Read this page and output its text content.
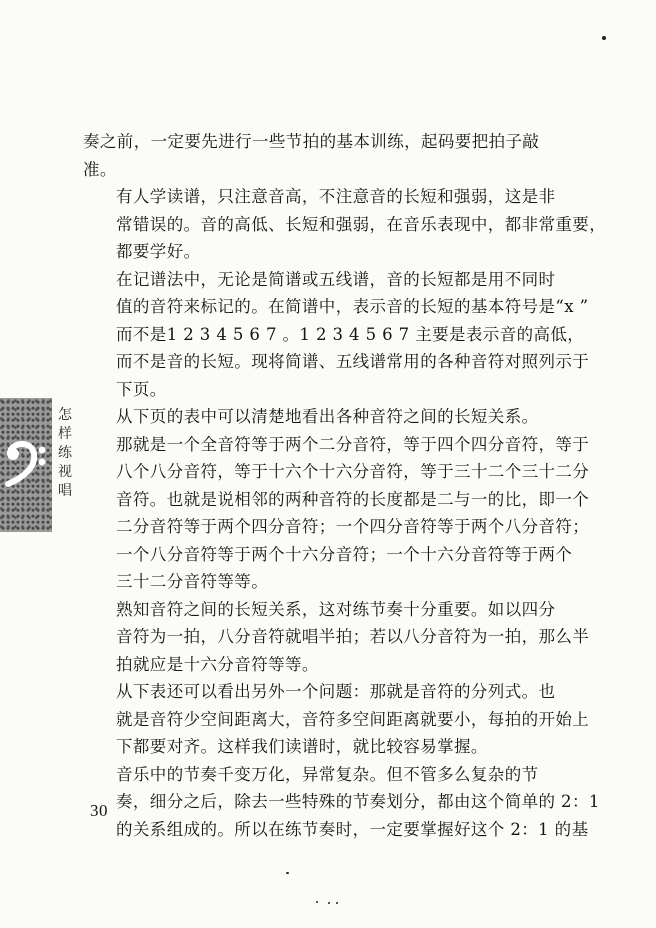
怎
样
练
视
唱

奏之前，一定要先进行一些节拍的基本训练，起码要把拍子敲
准。

有人学读谱，只注意音高，不注意音的长短和强弱，这是非
常错误的。音的高低、长短和强弱，在音乐表现中，都非常重要，
都要学好。

在记谱法中，无论是简谱或五线谱，音的长短都是用不同时
值的音符来标记的。在简谱中，表示音的长短的基本符号是“x ”
而不是1 2 3 4 5 6 7 。1 2 3 4 5 6 7 主要是表示音的高低，
而不是音的长短。现将简谱、五线谱常用的各种音符对照列示于
下页。

从下页的表中可以清楚地看出各种音符之间的长短关系。
那就是一个全音符等于两个二分音符，等于四个四分音符，等于
八个八分音符，等于十六个十六分音符，等于三十二个三十二分
音符。也就是说相邻的两种音符的长度都是二与一的比，即一个
二分音符等于两个四分音符；一个四分音符等于两个八分音符；
一个八分音符等于两个十六分音符；一个十六分音符等于两个
三十二分音符等等。

熟知音符之间的长短关系，这对练节奏十分重要。如以四分
音符为一拍，八分音符就唱半拍；若以八分音符为一拍，那么半
拍就应是十六分音符等等。

从下表还可以看出另外一个问题：那就是音符的分列式。也
就是音符少空间距离大，音符多空间距离就要小，每拍的开始上
下都要对齐。这样我们读谱时，就比较容易掌握。

音乐中的节奏千变万化，异常复杂。但不管多么复杂的节
奏，细分之后，除去一些特殊的节奏划分，都由这个简单的 2：1
的关系组成的。所以在练节奏时，一定要掌握好这个 2：1 的基

30
